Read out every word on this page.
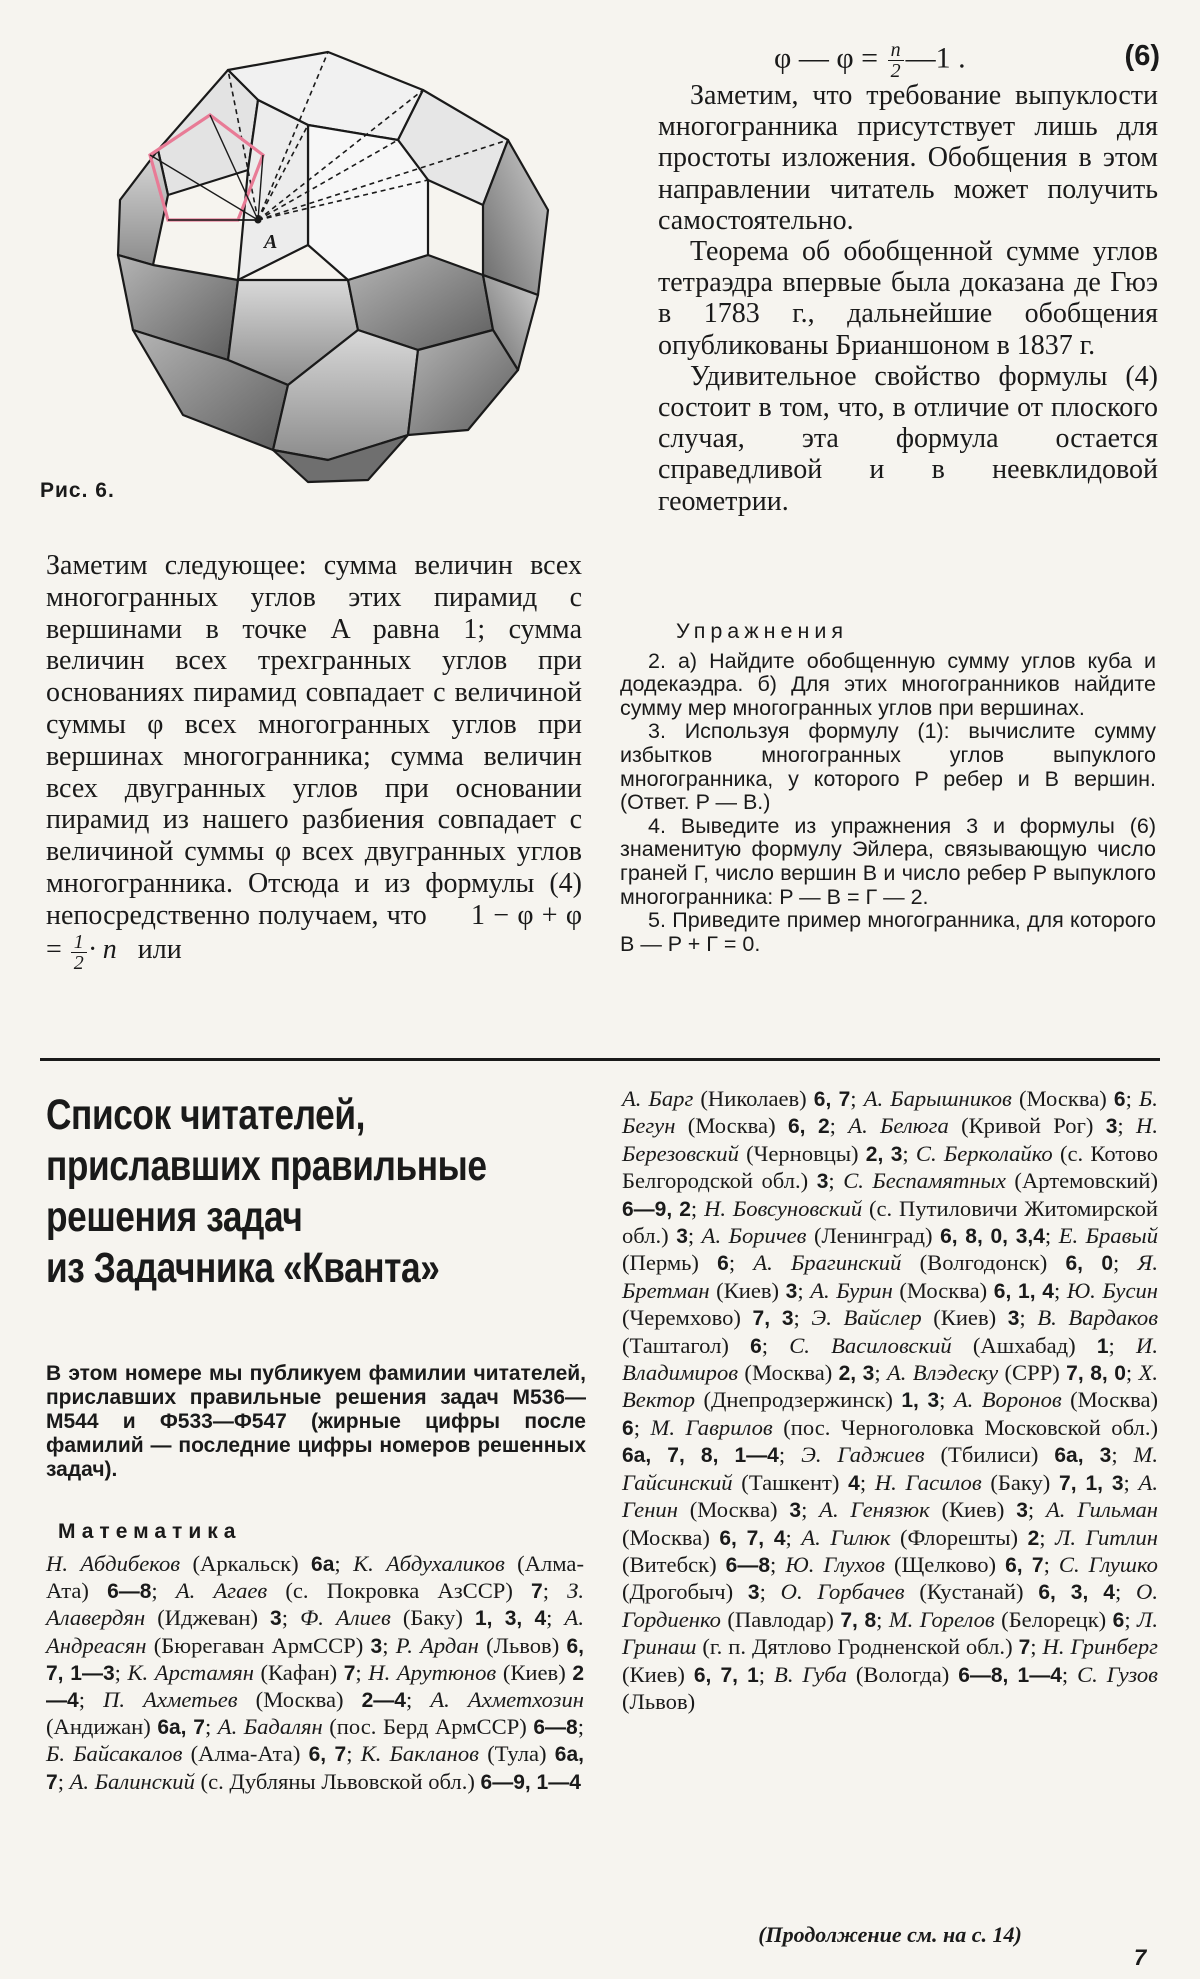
A
Рис. 6.
φ — $\varphi = \frac{n}{2}$ —1 .	(6)

Заметим, что требование выпуклости многогранника присутствует лишь для простоты изложения. Обобщения в этом направлении читатель может получить самостоятельно.

Теорема об обобщенной сумме углов тетраэдра впервые была доказана де Гюэ в 1783 г., дальнейшие обобщения опубликованы Брианшоном в 1837 г.

Удивительное свойство формулы (4) состоит в том, что, в отличие от плоского случая, эта формула остается справедливой и в неевклидовой геометрии.

Заметим следующее: сумма величин всех многогранных углов этих пирамид с вершинами в точке A равна 1; сумма величин всех трехгранных углов при основаниях пирамид совпадает с величиной суммы φ всех многогранных углов при вершинах многогранника; сумма величин всех двугранных углов при основании пирамид из нашего разбиения совпадает с величиной суммы φ всех двугранных углов многогранника. Отсюда и из формулы (4) непосредственно получаем, что $1 - \varphi + \varphi = \frac{1}{2} \cdot n$ или

Упражнения

2. а) Найдите обобщенную сумму углов куба и додекаэдра. б) Для этих многогранников найдите сумму мер многогранных углов при вершинах.

3. Используя формулу (1): вычислите сумму избытков многогранных углов выпуклого многогранника, у которого P ребер и B вершин. (Ответ. P — B.)

4. Выведите из упражнения 3 и формулы (6) знаменитую формулу Эйлера, связывающую число граней Г, число вершин B и число ребер P выпуклого многогранника: P — B = Г — 2.

5. Приведите пример многогранника, для которого B — P + Г = 0.

Список читателей,
приславших правильные
решения задач
из Задачника «Кванта»
В этом номере мы публикуем фамилии читателей, приславших правильные решения задач М536—М544 и Ф533—Ф547 (жирные цифры после фамилий — последние цифры номеров решенных задач).
Математика
Н. Абдибеков (Аркальск) 6а; К. Абдухаликов (Алма-Ата) 6—8; А. Агаев (с. Покровка АзССР) 7; З. Алавердян (Иджеван) 3; Ф. Алиев (Баку) 1, 3, 4; А. Андреасян (Бюрегаван АрмССР) 3; Р. Ардан (Львов) 6, 7, 1—3; К. Арстамян (Кафан) 7; Н. Арутюнов (Киев) 2—4; П. Ахметьев (Москва) 2—4; А. Ахметхозин (Андижан) 6а, 7; А. Бадалян (пос. Берд АрмССР) 6—8; Б. Байсакалов (Алма-Ата) 6, 7; К. Бакланов (Тула) 6а, 7; А. Балинский (с. Дубляны Львовской обл.) 6—9, 1—4
А. Барг (Николаев) 6, 7; А. Барышников (Москва) 6; Б. Бегун (Москва) 6, 2; А. Белюга (Кривой Рог) 3; Н. Березовский (Черновцы) 2, 3; С. Берколайко (с. Котово Белгородской обл.) 3; С. Беспамятных (Артемовский) 6—9, 2; Н. Бовсуновский (с. Путиловичи Житомирской обл.) 3; А. Боричев (Ленинград) 6, 8, 0, 3,4; Е. Бравый (Пермь) 6; А. Брагинский (Волгодонск) 6, 0; Я. Бретман (Киев) 3; А. Бурин (Москва) 6, 1, 4; Ю. Бусин (Черемхово) 7, 3; Э. Вайслер (Киев) 3; В. Вардаков (Таштагол) 6; С. Василовский (Ашхабад) 1; И. Владимиров (Москва) 2, 3; А. Влэдеску (СРР) 7, 8, 0; Х. Вектор (Днепродзержинск) 1, 3; А. Воронов (Москва) 6; М. Гаврилов (пос. Черноголовка Московской обл.) 6а, 7, 8, 1—4; Э. Гаджиев (Тбилиси) 6а, 3; М. Гайсинский (Ташкент) 4; Н. Гасилов (Баку) 7, 1, 3; А. Генин (Москва) 3; А. Генязюк (Киев) 3; А. Гильман (Москва) 6, 7, 4; А. Гилюк (Флорешты) 2; Л. Гитлин (Витебск) 6—8; Ю. Глухов (Щелково) 6, 7; С. Глушко (Дрогобыч) 3; О. Горбачев (Кустанай) 6, 3, 4; О. Гордиенко (Павлодар) 7, 8; М. Горелов (Белорецк) 6; Л. Гринаш (г. п. Дятлово Гродненской обл.) 7; Н. Гринберг (Киев) 6, 7, 1; В. Губа (Вологда) 6—8, 1—4; С. Гузов (Львов)
(Продолжение см. на с. 14)
7
